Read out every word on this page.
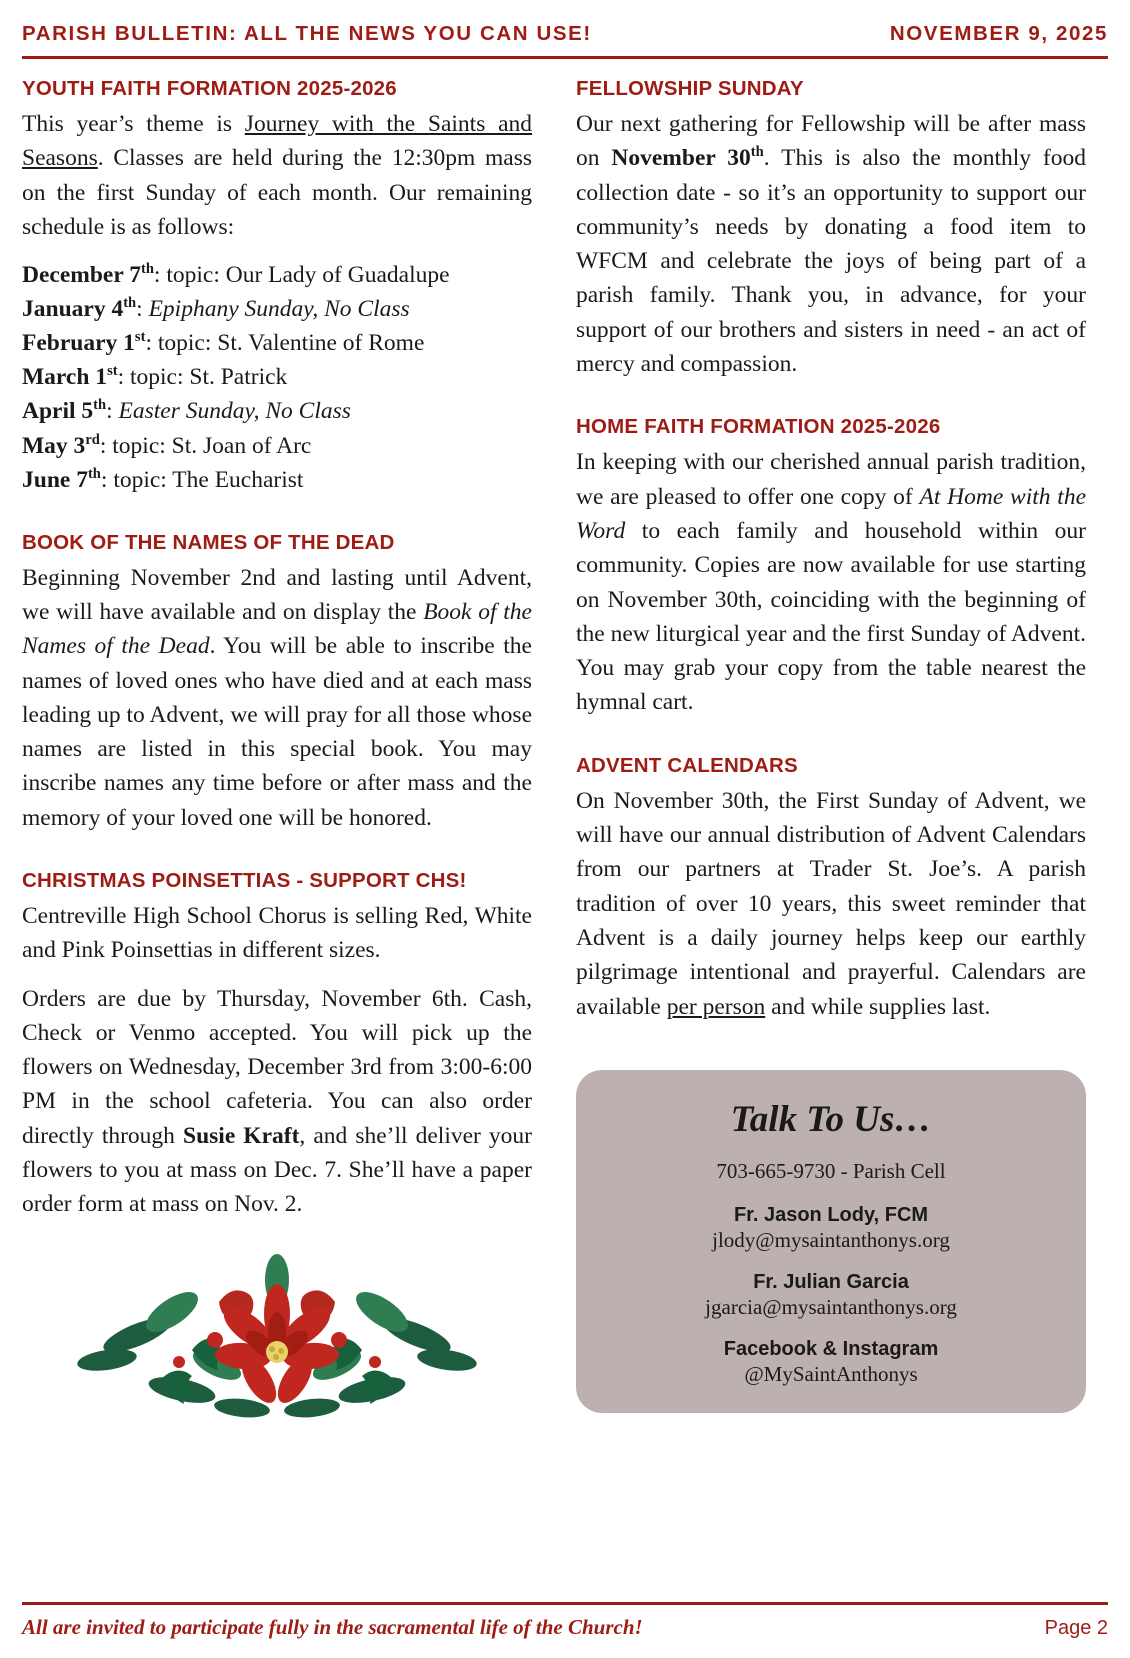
PARISH BULLETIN: ALL THE NEWS YOU CAN USE!	NOVEMBER 9, 2025
YOUTH FAITH FORMATION 2025-2026

This year’s theme is Journey with the Saints and Seasons. Classes are held during the 12:30pm mass on the first Sunday of each month. Our remaining schedule is as follows:

December 7th: topic: Our Lady of Guadalupe
January 4th: Epiphany Sunday, No Class
February 1st: topic: St. Valentine of Rome
March 1st: topic: St. Patrick
April 5th: Easter Sunday, No Class
May 3rd: topic: St. Joan of Arc
June 7th: topic: The Eucharist
BOOK OF THE NAMES OF THE DEAD

Beginning November 2nd and lasting until Advent, we will have available and on display the Book of the Names of the Dead. You will be able to inscribe the names of loved ones who have died and at each mass leading up to Advent, we will pray for all those whose names are listed in this special book. You may inscribe names any time before or after mass and the memory of your loved one will be honored.

CHRISTMAS POINSETTIAS - SUPPORT CHS!

Centreville High School Chorus is selling Red, White and Pink Poinsettias in different sizes.

Orders are due by Thursday, November 6th. Cash, Check or Venmo accepted. You will pick up the flowers on Wednesday, December 3rd from 3:00-6:00 PM in the school cafeteria. You can also order directly through Susie Kraft, and she’ll deliver your flowers to you at mass on Dec. 7. She’ll have a paper order form at mass on Nov. 2.

FELLOWSHIP SUNDAY

Our next gathering for Fellowship will be after mass on November 30th. This is also the monthly food collection date - so it’s an opportunity to support our community’s needs by donating a food item to WFCM and celebrate the joys of being part of a parish family. Thank you, in advance, for your support of our brothers and sisters in need - an act of mercy and compassion.

HOME FAITH FORMATION 2025-2026

In keeping with our cherished annual parish tradition, we are pleased to offer one copy of At Home with the Word to each family and household within our community. Copies are now available for use starting on November 30th, coinciding with the beginning of the new liturgical year and the first Sunday of Advent. You may grab your copy from the table nearest the hymnal cart.

ADVENT CALENDARS

On November 30th, the First Sunday of Advent, we will have our annual distribution of Advent Calendars from our partners at Trader St. Joe’s. A parish tradition of over 10 years, this sweet reminder that Advent is a daily journey helps keep our earthly pilgrimage intentional and prayerful. Calendars are available per person and while supplies last.

Talk To Us…

703-665-9730 - Parish Cell

Fr. Jason Lody, FCM

jlody@mysaintanthonys.org

Fr. Julian Garcia

jgarcia@mysaintanthonys.org

Facebook & Instagram

@MySaintAnthonys

All are invited to participate fully in the sacramental life of the Church!	Page 2
